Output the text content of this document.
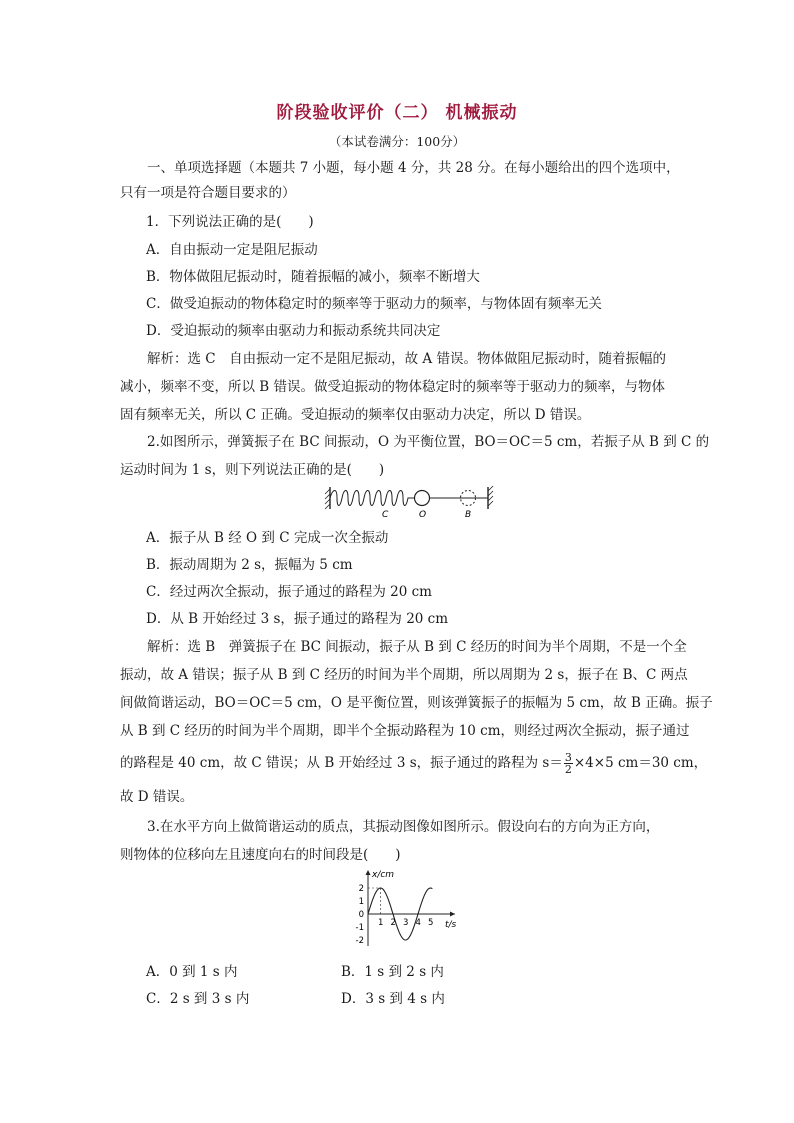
阶段验收评价（二） 机械振动
（本试卷满分：100分）
一、单项选择题（本题共 7 小题，每小题 4 分，共 28 分。在每小题给出的四个选项中，
只有一项是符合题目要求的）
1．下列说法正确的是(　　)
A．自由振动一定是阻尼振动
B．物体做阻尼振动时，随着振幅的减小，频率不断增大
C．做受迫振动的物体稳定时的频率等于驱动力的频率，与物体固有频率无关
D．受迫振动的频率由驱动力和振动系统共同决定
解析：选 C　自由振动一定不是阻尼振动，故 A 错误。物体做阻尼振动时，随着振幅的
减小，频率不变，所以 B 错误。做受迫振动的物体稳定时的频率等于驱动力的频率，与物体
固有频率无关，所以 C 正确。受迫振动的频率仅由驱动力决定，所以 D 错误。
2.如图所示，弹簧振子在 BC 间振动，O 为平衡位置，BO＝OC＝5 cm，若振子从 B 到 C 的
运动时间为 1 s，则下列说法正确的是(　　)
C	O	B
A．振子从 B 经 O 到 C 完成一次全振动
B．振动周期为 2 s，振幅为 5 cm
C．经过两次全振动，振子通过的路程为 20 cm
D．从 B 开始经过 3 s，振子通过的路程为 20 cm
解析：选 B　弹簧振子在 BC 间振动，振子从 B 到 C 经历的时间为半个周期，不是一个全
振动，故 A 错误；振子从 B 到 C 经历的时间为半个周期，所以周期为 2 s，振子在 B、C 两点
间做简谐运动，BO＝OC＝5 cm，O 是平衡位置，则该弹簧振子的振幅为 5 cm，故 B 正确。振子
从 B 到 C 经历的时间为半个周期，即半个全振动路程为 10 cm，则经过两次全振动，振子通过
的路程是 40 cm，故 C 错误；从 B 开始经过 3 s，振子通过的路程为 $s= \frac{3}{2} \times 4\times 5$ cm＝30 cm，
故 D 错误。
3.在水平方向上做简谐运动的质点，其振动图像如图所示。假设向右的方向为正方向，
则物体的位移向左且速度向右的时间段是(　　)
1 2 3 4 5
2
1
0
-1
-2
t/s
x/cm
A．0 到 1 s 内	B．1 s 到 2 s 内
C．2 s 到 3 s 内	D．3 s 到 4 s 内
